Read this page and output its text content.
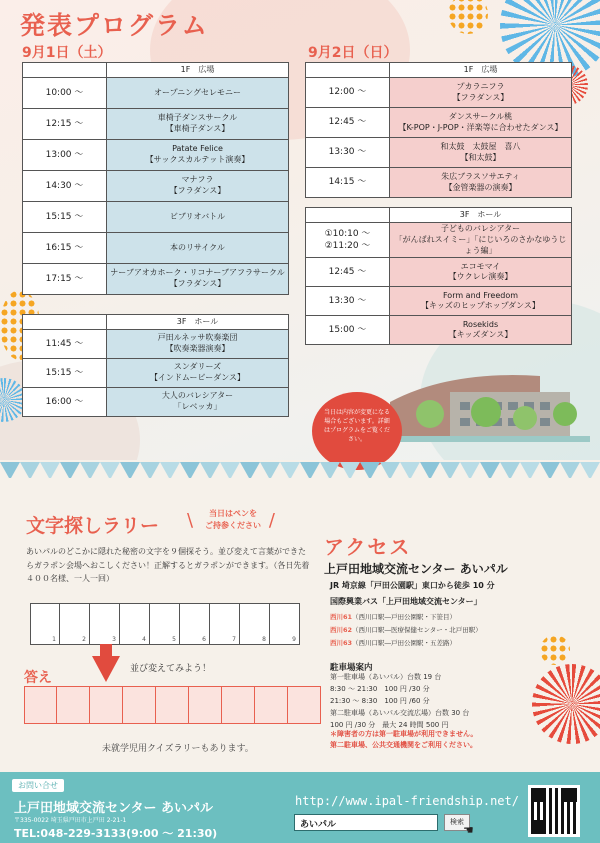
発表プログラム
9月1日（土）	9月2日（日）
	1F　広場
10:00 〜	オープニングセレモニー
12:15 〜	車椅子ダンスサークル
【車椅子ダンス】
13:00 〜	Patate Felice
【サックスカルテット演奏】
14:30 〜	マナフラ
【フラダンス】
15:15 〜	ビブリオバトル
16:15 〜	本のリサイクル
17:15 〜	ナーブアオカホーク・リコナーブアフラサークル
【フラダンス】
	3F　ホール
11:45 〜	戸田ルネッサ吹奏楽団
【吹奏楽器演奏】
15:15 〜	スンダリーズ
【インドムービーダンス】
16:00 〜	大人のバレシアター
「レベッカ」
	1F　広場
12:00 〜	プカラニフラ
【フラダンス】
12:45 〜	ダンスサークル桃
【K-POP・J-POP・洋楽等に合わせたダンス】
13:30 〜	和太鼓　太鼓屋　喜八
【和太鼓】
14:15 〜	朱広ブラスソサエティ
【金管楽器の演奏】
	3F　ホール
①10:10 〜
②11:20 〜	子どものバレシアター
「がんばれスイミー」「にじいろのさかなゆうじょう編」
12:45 〜	エコモマイ
【ウクレレ演奏】
13:30 〜	Form and Freedom
【キッズのヒップホップダンス】
15:00 〜	Rosekids
【キッズダンス】
当日は内容が変更になる場合もございます。詳細はプログラムをご覧ください。
文字探しラリー
\ 当日はペンを
ご持参ください /
あいパルのどこかに隠れた秘密の文字を９個探そう。並び変えて言葉ができたらガラポン会場へおこしください！正解するとガラポンができます。（各日先着４００名様、一人一回）
1	2	3	4	5	6	7	8	9
並び変えてみよう！
答え
未就学児用クイズラリーもあります。
アクセス
上戸田地域交流センター あいパル
JR 埼京線「戸田公園駅」東口から徒歩 10 分
国際興業バス「上戸田地域交流センター」
西川61（西川口駅―戸田公園駅・下笹目）
西川62（西川口駅―医療保健センター・北戸田駅）
西川63（西川口駅―戸田公園駅・五差路）
駐車場案内
第一駐車場（あいパル）台数 19 台
8:30 〜 21:30　100 円 /30 分
21:30 〜 8:30　100 円 /60 分
第二駐車場（あいパル交流広場）台数 30 台
100 円 /30 分　最大 24 時間 500 円
＊障害者の方は第一駐車場が利用できません。
第二駐車場、公共交通機関をご利用ください。
お問い合せ
上戸田地域交流センター あいパル
〒335-0022 埼玉県戸田市上戸田 2-21-1
TEL:048-229-3133(9:00 〜 21:30)
http://www.ipal-friendship.net/
あいパル	検索
☚
